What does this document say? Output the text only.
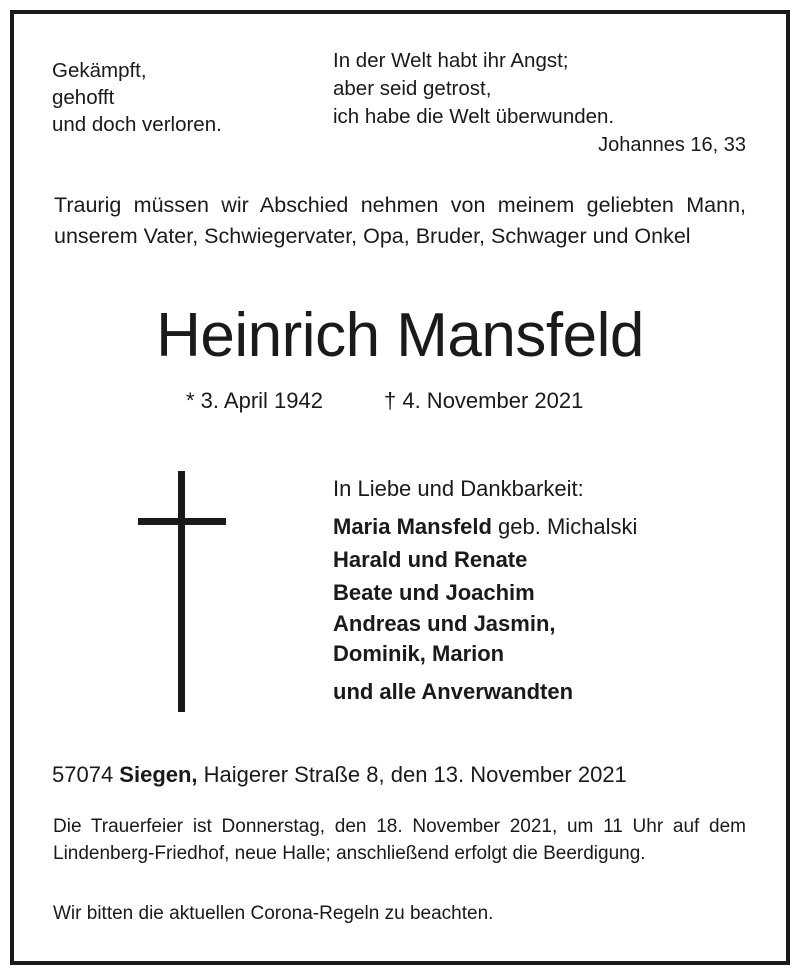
Gekämpft,
gehofft
und doch verloren.
In der Welt habt ihr Angst;
aber seid getrost,
ich habe die Welt überwunden.
Johannes 16, 33
Traurig müssen wir Abschied nehmen von meinem geliebten Mann, unserem Vater, Schwiegervater, Opa, Bruder, Schwager und Onkel
Heinrich Mansfeld
* 3. April 1942	† 4. November 2021
In Liebe und Dankbarkeit:
Maria Mansfeld geb. Michalski
Harald und Renate
Beate und Joachim
Andreas und Jasmin,
Dominik, Marion
und alle Anverwandten
57074 Siegen, Haigerer Straße 8, den 13. November 2021
Die Trauerfeier ist Donnerstag, den 18. November 2021, um 11 Uhr auf dem Lindenberg-Friedhof, neue Halle; anschließend erfolgt die Beerdigung.
Wir bitten die aktuellen Corona-Regeln zu beachten.
